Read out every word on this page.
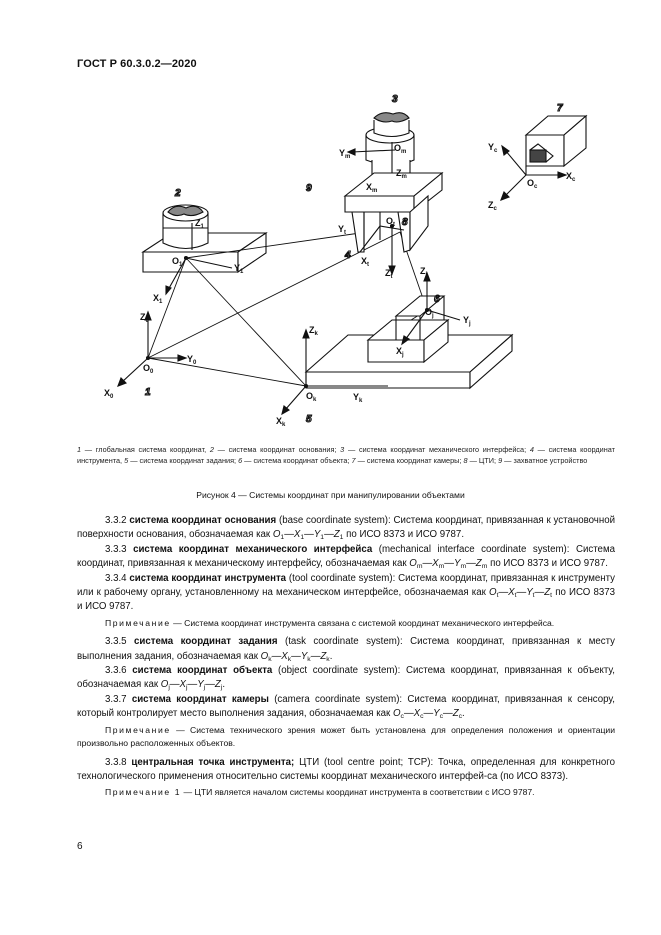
ГОСТ Р 60.3.0.2—2020
3
7
2	9
8
4
6
1
5
$Z_0$
$Y_0$
$X_0$
$O_0$
$O_1$
$Z_1$
$Y_1$
$X_1$
$Y_m$
$O_m$
$Z_m$
$X_m$
$Y_t$
$O_t$
$X_t$
$Z_t$
$Y_c$
$O_c$
$X_c$
$Z_c$
$Z_j$
$O_j$	$Y_j$
$X_j$
$Z_k$
$O_k$	$Y_k$
$X_k$
1 — глобальная система координат, 2 — система координат основания; 3 — система координат механического интерфейса; 4 — система координат инструмента, 5 — система координат задания; 6 — система координат объекта; 7 — система координат камеры; 8 — ЦТИ; 9 — захватное устройство
Рисунок 4 — Системы координат при манипулировании объектами

3.3.2 система координат основания (base coordinate system): Система координат, привязанная к установочной поверхности основания, обозначаемая как $O_1—X_1—Y_1—Z_1$ по ИСО 8373 и ИСО 9787.

3.3.3 система координат механического интерфейса (mechanical interface coordinate system): Система координат, привязанная к механическому интерфейсу, обозначаемая как $O_m—X_m—Y_m—Z_m$ по ИСО 8373 и ИСО 9787.

3.3.4 система координат инструмента (tool coordinate system): Система координат, привязанная к инструменту или к рабочему органу, установленному на механическом интерфейсе, обозначаемая как $O_t—X_t—Y_t—Z_t$ по ИСО 8373 и ИСО 9787.

Примечание — Система координат инструмента связана с системой координат механического интерфейса.

3.3.5 система координат задания (task coordinate system): Система координат, привязанная к месту выполнения задания, обозначаемая как $O_k—X_k—Y_k—Z_k$.

3.3.6 система координат объекта (object coordinate system): Система координат, привязанная к объекту, обозначаемая как $O_j—X_j—Y_j—Z_j$.

3.3.7 система координат камеры (camera coordinate system): Система координат, привязанная к сенсору, который контролирует место выполнения задания, обозначаемая как $O_c—X_c—Y_c—Z_c$.

Примечание — Система технического зрения может быть установлена для определения положения и ориентации произвольно расположенных объектов.

3.3.8 центральная точка инструмента; ЦТИ (tool centre point; TCP): Точка, определенная для конкретного технологического применения относительно системы координат механического интерфей-са (по ИСО 8373).

Примечание 1 — ЦТИ является началом системы координат инструмента в соответствии с ИСО 9787.

6
